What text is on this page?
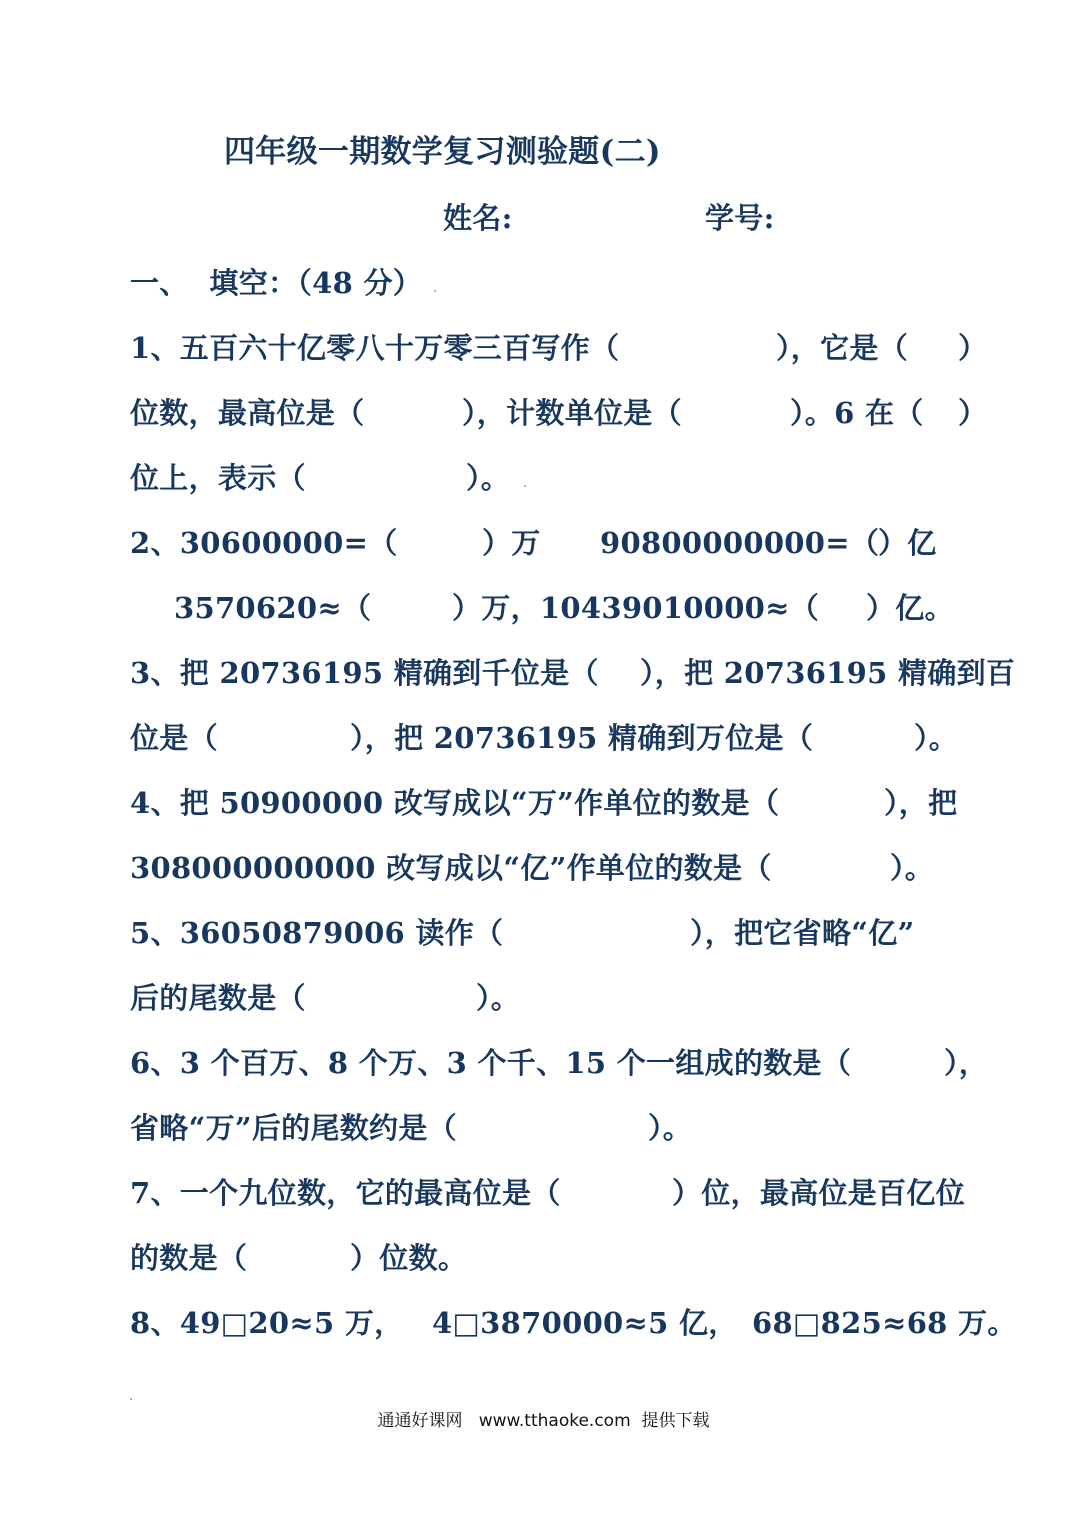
四年级一期数学复习测验题(二)

姓名:

	学号:

一、  填空：（48 分）

1、五百六十亿零八十万零三百写作（

	），它是（

）

位数，最高位是（

	），计数单位是（

	）。6 在（

）

位上，表示（

	）。

2、30600000=（

	）万

90800000000=（

）亿

3570620≈（

	）万，10439010000≈（

）亿。

3、把 20736195 精确到千位是（

），把 20736195 精确到百

位是（

	），把 20736195 精确到万位是（

	）。

4、把 50900000 改写成以“万”作单位的数是（

	），把

308000000000 改写成以“亿”作单位的数是（

	）。

5、36050879006 读作（

	），把它省略“亿”

后的尾数是（

	）。

6、3 个百万、8 个万、3 个千、15 个一组成的数是（

	），

省略“万”后的尾数约是（

	）。

7、一个九位数，它的最高位是（

	）位，最高位是百亿位

的数是（

	）位数。

8、49□20≈5 万，

4□3870000≈5 亿，

68□825≈68 万。

通通好课网   www.tthaoke.com  提供下载
